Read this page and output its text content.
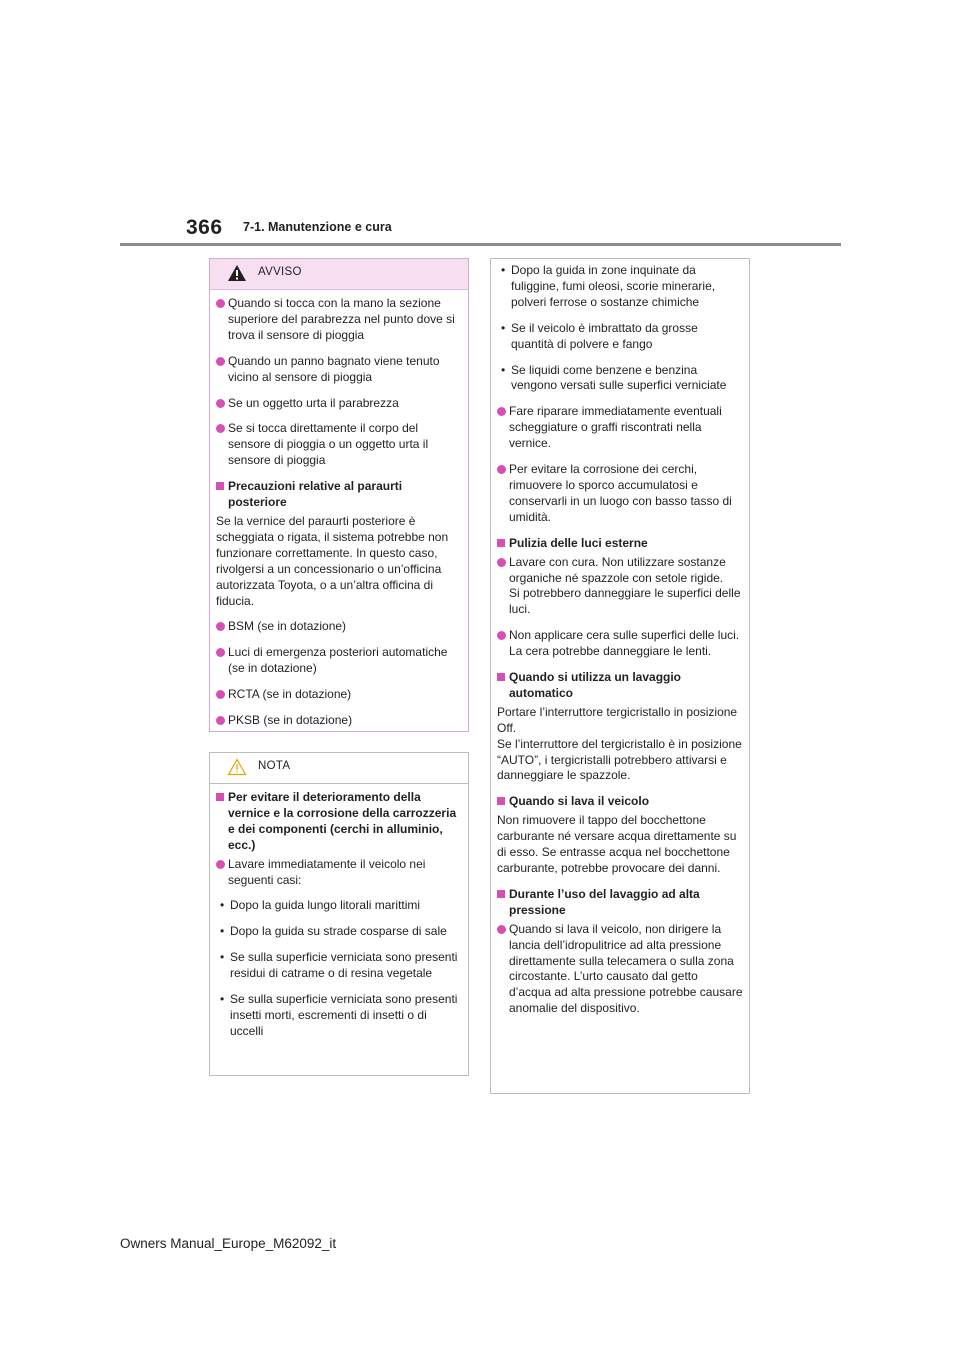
366 7-1. Manutenzione e cura
AVVISO
Quando si tocca con la mano la sezione superiore del parabrezza nel punto dove si trova il sensore di pioggia
Quando un panno bagnato viene tenuto vicino al sensore di pioggia
Se un oggetto urta il parabrezza
Se si tocca direttamente il corpo del sensore di pioggia o un oggetto urta il sensore di pioggia
Precauzioni relative al paraurti posteriore
Se la vernice del paraurti posteriore è scheggiata o rigata, il sistema potrebbe non funzionare correttamente. In questo caso, rivolgersi a un concessionario o un’officina autorizzata Toyota, o a un’altra officina di fiducia.
BSM (se in dotazione)
Luci di emergenza posteriori automatiche (se in dotazione)
RCTA (se in dotazione)
PKSB (se in dotazione)
NOTA
Per evitare il deterioramento della vernice e la corrosione della carrozzeria e dei componenti (cerchi in alluminio, ecc.)
Lavare immediatamente il veicolo nei seguenti casi:
• Dopo la guida lungo litorali marittimi
• Dopo la guida su strade cosparse di sale
• Se sulla superficie verniciata sono presenti residui di catrame o di resina vegetale
• Se sulla superficie verniciata sono presenti insetti morti, escrementi di insetti o di uccelli
• Dopo la guida in zone inquinate da fuliggine, fumi oleosi, scorie minerarie, polveri ferrose o sostanze chimiche
• Se il veicolo è imbrattato da grosse quantità di polvere e fango
• Se liquidi come benzene e benzina vengono versati sulle superfici verniciate
Fare riparare immediatamente eventuali scheggiature o graffi riscontrati nella vernice.
Per evitare la corrosione dei cerchi, rimuovere lo sporco accumulatosi e conservarli in un luogo con basso tasso di umidità.
Pulizia delle luci esterne
Lavare con cura. Non utilizzare sostanze organiche né spazzole con setole rigide.
Si potrebbero danneggiare le superfici delle luci.
Non applicare cera sulle superfici delle luci.
La cera potrebbe danneggiare le lenti.
Quando si utilizza un lavaggio automatico
Portare l’interruttore tergicristallo in posizione Off.
Se l’interruttore del tergicristallo è in posizione “AUTO”, i tergicristalli potrebbero attivarsi e danneggiare le spazzole.
Quando si lava il veicolo
Non rimuovere il tappo del bocchettone carburante né versare acqua direttamente su di esso. Se entrasse acqua nel bocchettone carburante, potrebbe provocare dei danni.
Durante l’uso del lavaggio ad alta pressione
Quando si lava il veicolo, non dirigere la lancia dell’idropulitrice ad alta pressione direttamente sulla telecamera o sulla zona circostante. L’urto causato dal getto d’acqua ad alta pressione potrebbe causare anomalie del dispositivo.
Owners Manual_Europe_M62092_it
